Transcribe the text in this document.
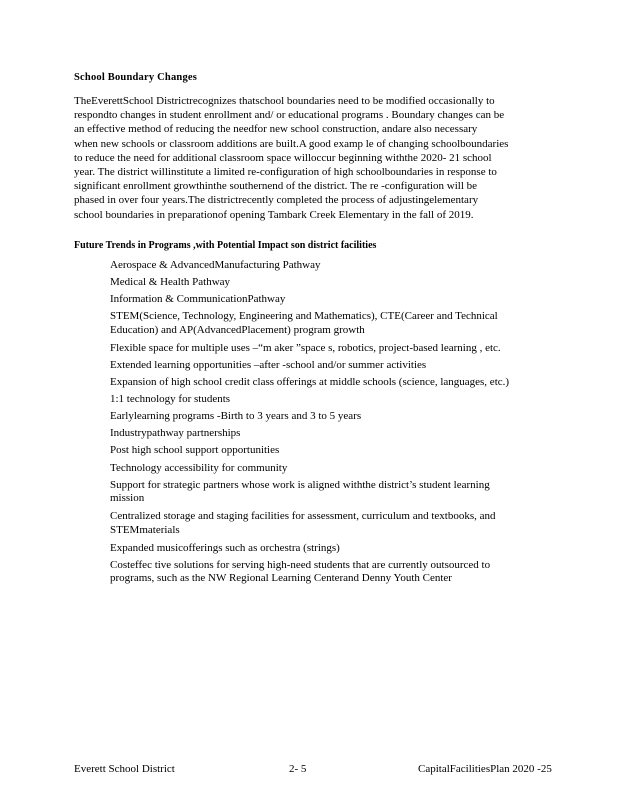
School Boundary Changes
TheEverettSchool Districtrecognizes thatschool boundaries need to be modified occasionally to
respondto changes in student enrollment and/ or educational programs . Boundary changes can be
an effective method of reducing the needfor new school construction, andare also necessary
when new schools or classroom additions are built.A good examp le of changing schoolboundaries
to reduce the need for additional classroom space willoccur beginning withthe 2020- 21 school
year. The district willinstitute a limited re-configuration of high schoolboundaries in response to
significant enrollment growthinthe southernend of the district. The re -configuration will be
phased in over four years.The districtrecently completed the process of adjustingelementary
school boundaries in preparationof opening Tambark Creek Elementary in the fall of 2019.
Future Trends in Programs ,with Potential Impact son district facilities
Aerospace & AdvancedManufacturing Pathway
Medical & Health Pathway
Information & CommunicationPathway
STEM(Science, Technology, Engineering and Mathematics), CTE(Career and Technical
Education) and AP(AdvancedPlacement) program growth
Flexible space for multiple uses –“m aker ”space s, robotics, project-based learning , etc.
Extended learning opportunities –after -school and/or summer activities
Expansion of high school credit class offerings at middle schools (science, languages, etc.)
1:1 technology for students
Earlylearning programs -Birth to 3 years and 3 to 5 years
Industrypathway partnerships
Post high school support opportunities
Technology accessibility for community
Support for strategic partners whose work is aligned withthe district’s student learning
mission
Centralized storage and staging facilities for assessment, curriculum and textbooks, and
STEMmaterials
Expanded musicofferings such as orchestra (strings)
Costeffec tive solutions for serving high-need students that are currently outsourced to
programs, such as the NW Regional Learning Centerand Denny Youth Center
Everett School District	2- 5	CapitalFacilitiesPlan 2020 -25
